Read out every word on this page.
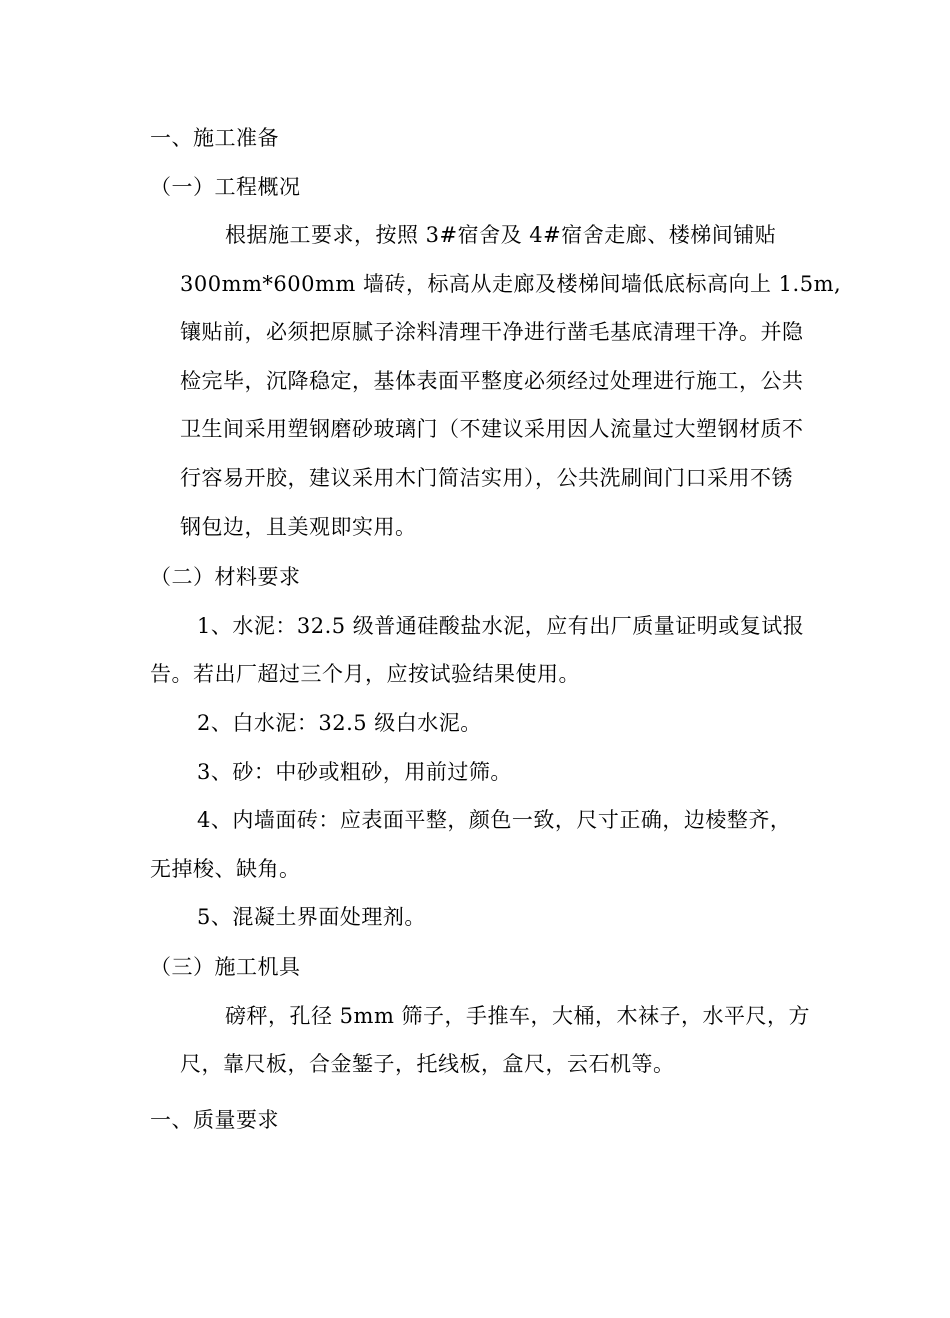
一、施工准备
（一）工程概况
根据施工要求，按照 3#宿舍及 4#宿舍走廊、楼梯间铺贴
300mm*600mm 墙砖，标高从走廊及楼梯间墙低底标高向上 1.5m,
镶贴前，必须把原腻子涂料清理干净进行凿毛基底清理干净。并隐
检完毕，沉降稳定，基体表面平整度必须经过处理进行施工，公共
卫生间采用塑钢磨砂玻璃门（不建议采用因人流量过大塑钢材质不
行容易开胶，建议采用木门简洁实用），公共洗刷间门口采用不锈
钢包边，且美观即实用。
（二）材料要求
1、水泥：32.5 级普通硅酸盐水泥，应有出厂质量证明或复试报
告。若出厂超过三个月，应按试验结果使用。
2、白水泥：32.5 级白水泥。
3、砂：中砂或粗砂，用前过筛。
4、内墙面砖：应表面平整，颜色一致，尺寸正确，边棱整齐，
无掉梭、缺角。
5、混凝土界面处理剂。
（三）施工机具
磅秤，孔径 5mm 筛子，手推车，大桶，木袜子，水平尺，方
尺，靠尺板，合金錾子，托线板，盒尺，云石机等。
一、质量要求
